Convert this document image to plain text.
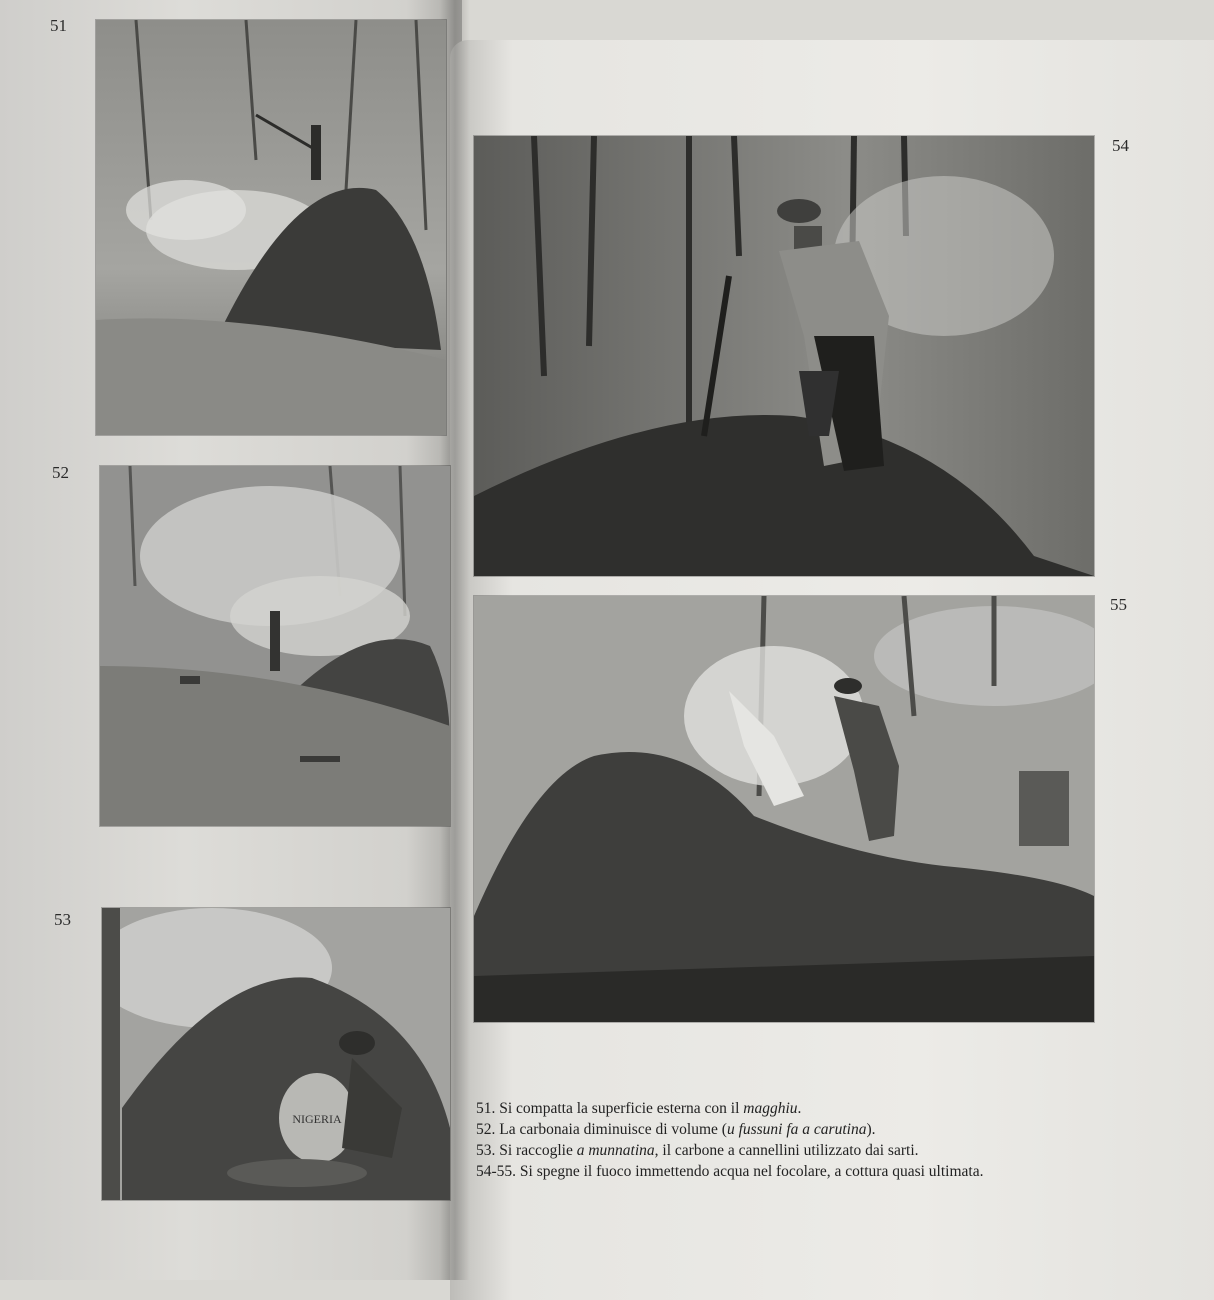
51
52
53
54
55
NIGERIA

51. Si compatta la superficie esterna con il magghiu.

52. La carbonaia diminuisce di volume (u fussuni fa a carutina).

53. Si raccoglie a munnatina, il carbone a cannellini utilizzato dai sarti.

54-55. Si spegne il fuoco immettendo acqua nel focolare, a cottura quasi ultimata.
